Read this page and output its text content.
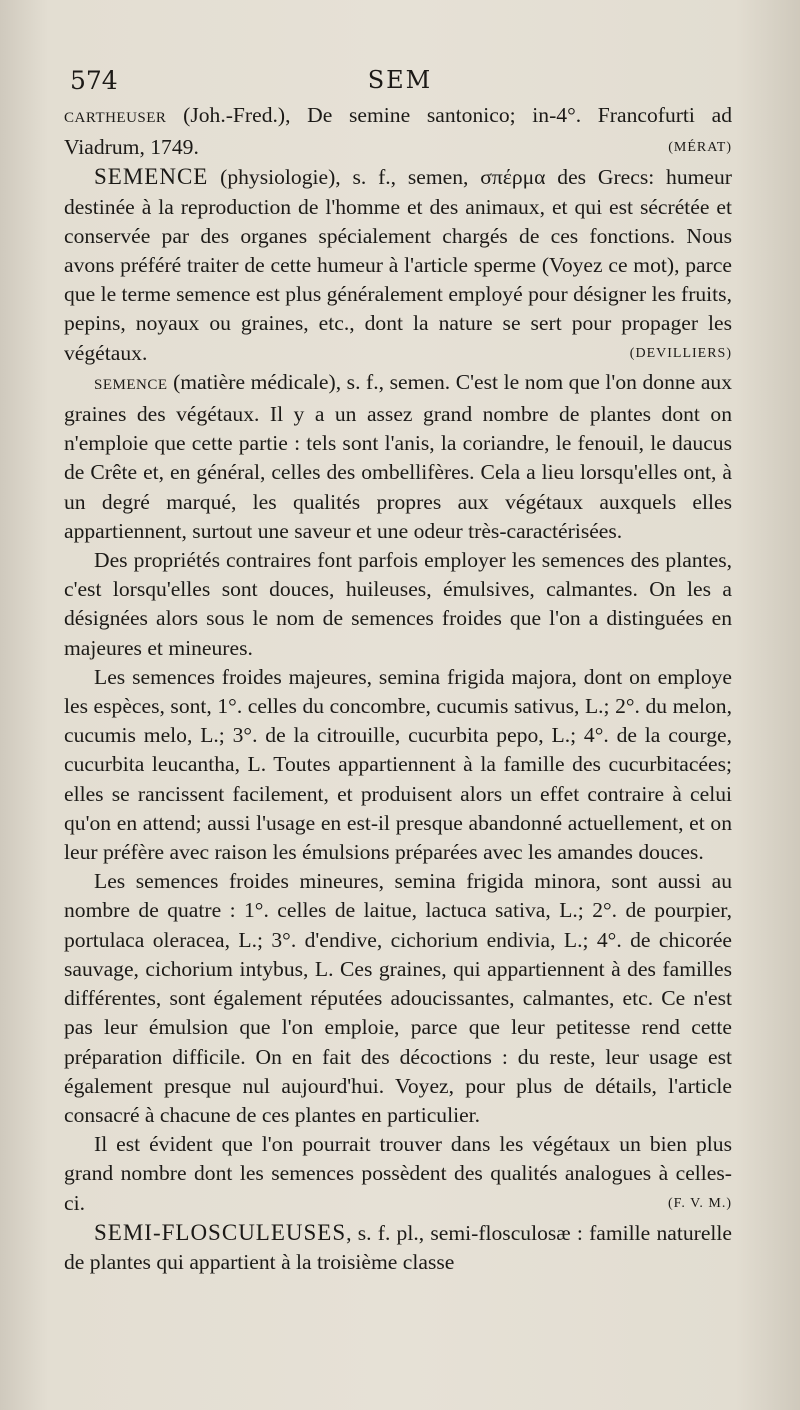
574	SEM

CARTHEUSER (Joh.-Fred.), De semine santonico; in-4°. Francofurti ad Viadrum, 1749.	(MÉRAT)

SEMENCE (physiologie), s. f., semen, σπέρμα des Grecs: humeur destinée à la reproduction de l'homme et des animaux, et qui est sécrétée et conservée par des organes spécialement chargés de ces fonctions. Nous avons préféré traiter de cette humeur à l'article sperme (Voyez ce mot), parce que le terme semence est plus généralement employé pour désigner les fruits, pepins, noyaux ou graines, etc., dont la nature se sert pour propager les végétaux.	(DEVILLIERS)

SEMENCE (matière médicale), s. f., semen. C'est le nom que l'on donne aux graines des végétaux. Il y a un assez grand nombre de plantes dont on n'emploie que cette partie : tels sont l'anis, la coriandre, le fenouil, le daucus de Crête et, en général, celles des ombellifères. Cela a lieu lorsqu'elles ont, à un degré marqué, les qualités propres aux végétaux auxquels elles appartiennent, surtout une saveur et une odeur très-caractérisées.

Des propriétés contraires font parfois employer les semences des plantes, c'est lorsqu'elles sont douces, huileuses, émulsives, calmantes. On les a désignées alors sous le nom de semences froides que l'on a distinguées en majeures et mineures.

Les semences froides majeures, semina frigida majora, dont on employe les espèces, sont, 1°. celles du concombre, cucumis sativus, L.; 2°. du melon, cucumis melo, L.; 3°. de la citrouille, cucurbita pepo, L.; 4°. de la courge, cucurbita leucantha, L. Toutes appartiennent à la famille des cucurbitacées; elles se rancissent facilement, et produisent alors un effet contraire à celui qu'on en attend; aussi l'usage en est-il presque abandonné actuellement, et on leur préfère avec raison les émulsions préparées avec les amandes douces.

Les semences froides mineures, semina frigida minora, sont aussi au nombre de quatre : 1°. celles de laitue, lactuca sativa, L.; 2°. de pourpier, portulaca oleracea, L.; 3°. d'endive, cichorium endivia, L.; 4°. de chicorée sauvage, cichorium intybus, L. Ces graines, qui appartiennent à des familles différentes, sont également réputées adoucissantes, calmantes, etc. Ce n'est pas leur émulsion que l'on emploie, parce que leur petitesse rend cette préparation difficile. On en fait des décoctions : du reste, leur usage est également presque nul aujourd'hui. Voyez, pour plus de détails, l'article consacré à chacune de ces plantes en particulier.

Il est évident que l'on pourrait trouver dans les végétaux un bien plus grand nombre dont les semences possèdent des qualités analogues à celles-ci.	(F. V. M.)

SEMI-FLOSCULEUSES, s. f. pl., semi-flosculosæ : famille naturelle de plantes qui appartient à la troisième classe
